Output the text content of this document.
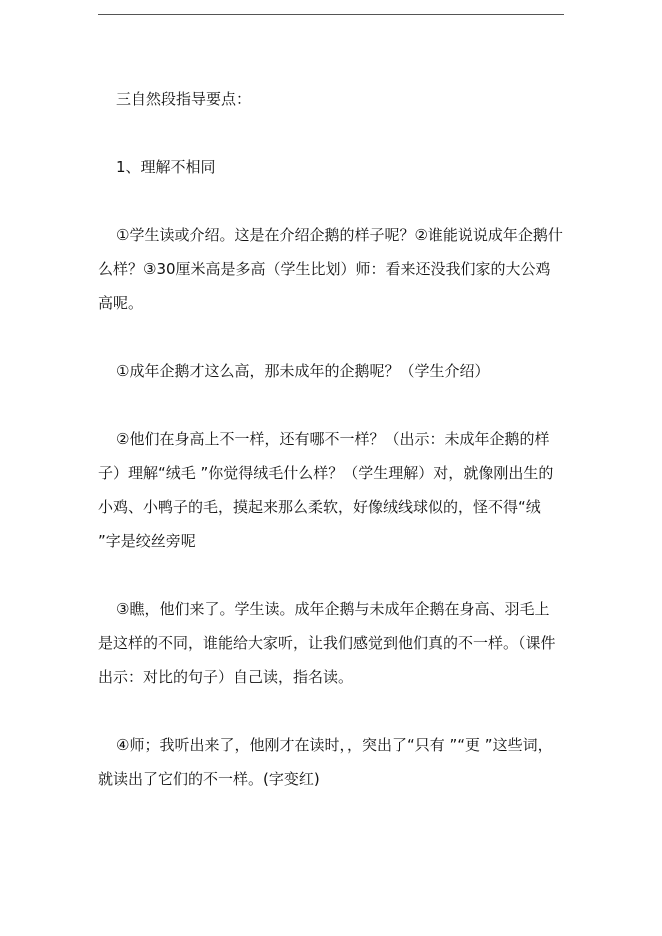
三自然段指导要点：

1、理解不相同

①学生读或介绍。这是在介绍企鹅的样子呢？②谁能说说成年企鹅什么样？③30厘米高是多高（学生比划）师：看来还没我们家的大公鸡高呢。

①成年企鹅才这么高，那未成年的企鹅呢？（学生介绍）

②他们在身高上不一样，还有哪不一样？（出示：未成年企鹅的样子）理解“绒毛 ”你觉得绒毛什么样？（学生理解）对，就像刚出生的小鸡、小鸭子的毛，摸起来那么柔软，好像绒线球似的，怪不得“绒 ”字是绞丝旁呢

③瞧，他们来了。学生读。成年企鹅与未成年企鹅在身高、羽毛上是这样的不同，谁能给大家听，让我们感觉到他们真的不一样。（课件出示：对比的句子）自己读，指名读。

④师；我听出来了，他刚才在读时，，突出了“只有 ”“更 ”这些词，就读出了它们的不一样。(字变红)
